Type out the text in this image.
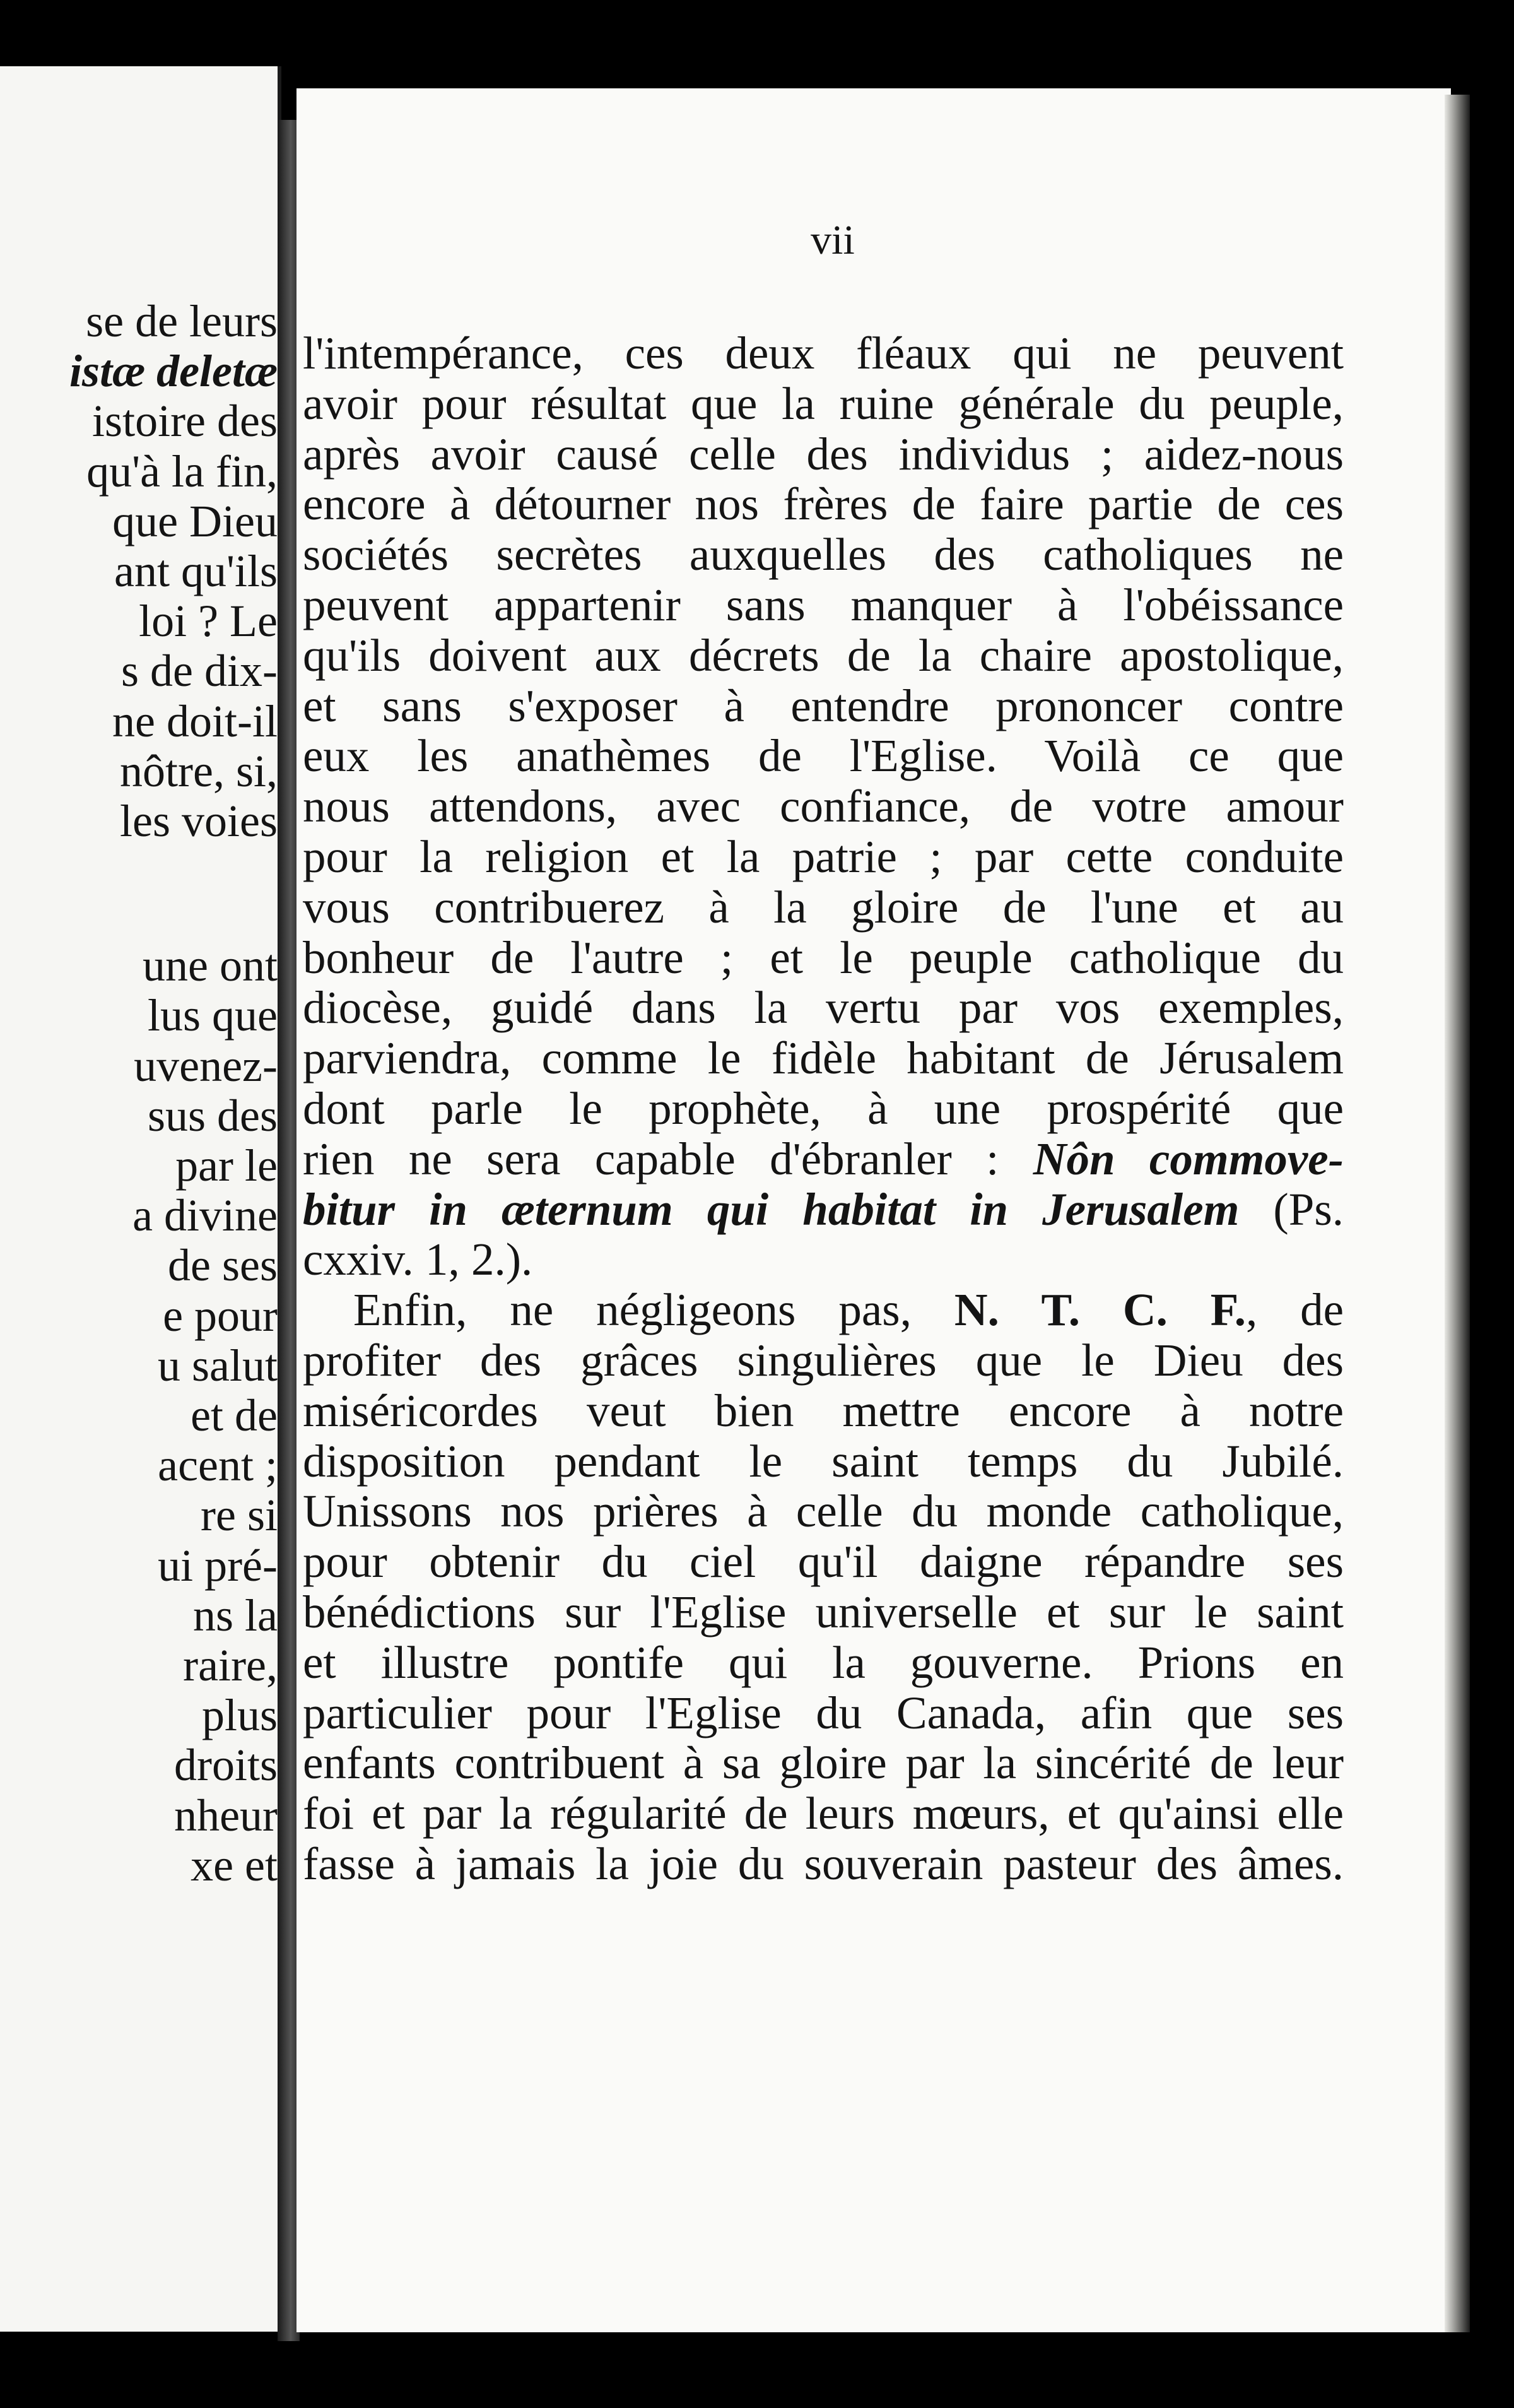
se de leurs
istæ deletæ
istoire des
qu'à la fin,
que Dieu
ant qu'ils
loi ? Le
s de dix-
ne doit-il
nôtre, si,
les voies
une ont
lus que
uvenez-
sus des
par le
a divine
de ses
e pour
u salut
et de
acent ;
re si
ui pré-
ns la
raire,
plus
droits
nheur
xe et
vii
l'intempérance, ces deux fléaux qui ne peuvent
avoir pour résultat que la ruine générale du peuple,
après avoir causé celle des individus ; aidez-nous
encore à détourner nos frères de faire partie de ces
sociétés secrètes auxquelles des catholiques ne
peuvent appartenir sans manquer à l'obéissance
qu'ils doivent aux décrets de la chaire apostolique,
et sans s'exposer à entendre prononcer contre
eux les anathèmes de l'Eglise. Voilà ce que
nous attendons, avec confiance, de votre amour
pour la religion et la patrie ; par cette conduite
vous contribuerez à la gloire de l'une et au
bonheur de l'autre ; et le peuple catholique du
diocèse, guidé dans la vertu par vos exemples,
parviendra, comme le fidèle habitant de Jérusalem
dont parle le prophète, à une prospérité que
rien ne sera capable d'ébranler : Nôn commove-
bitur in æternum qui habitat in Jerusalem (Ps.
cxxiv. 1, 2.).
Enfin, ne négligeons pas, N. T. C. F., de
profiter des grâces singulières que le Dieu des
miséricordes veut bien mettre encore à notre
disposition pendant le saint temps du Jubilé.
Unissons nos prières à celle du monde catholique,
pour obtenir du ciel qu'il daigne répandre ses
bénédictions sur l'Eglise universelle et sur le saint
et illustre pontife qui la gouverne. Prions en
particulier pour l'Eglise du Canada, afin que ses
enfants contribuent à sa gloire par la sincérité de leur
foi et par la régularité de leurs mœurs, et qu'ainsi elle
fasse à jamais la joie du souverain pasteur des âmes.
